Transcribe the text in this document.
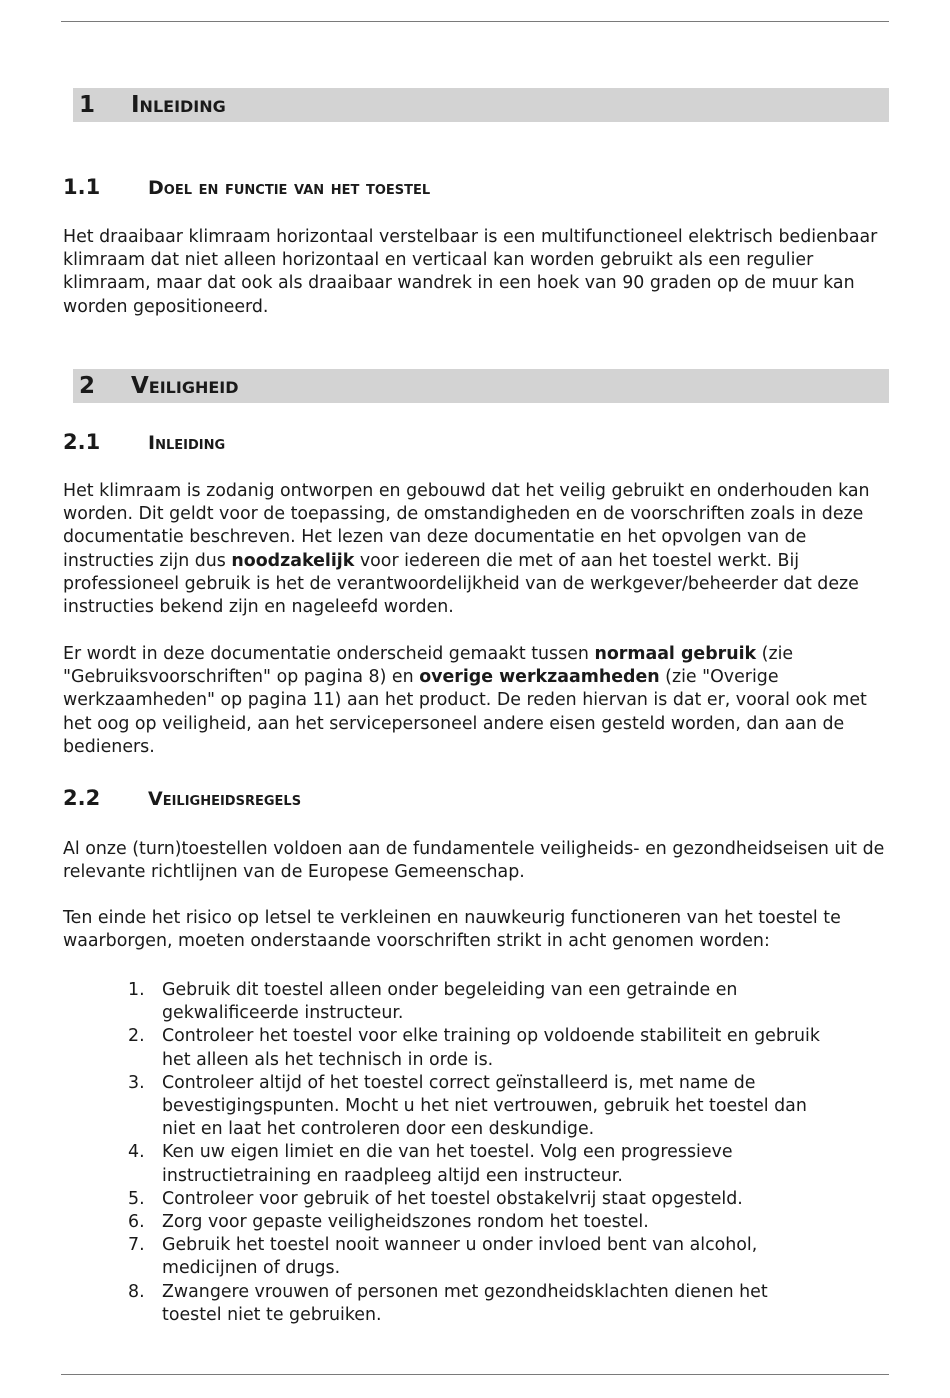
1 Inleiding
1.1	Doel en functie van het toestel

Het draaibaar klimraam horizontaal verstelbaar is een multifunctioneel elektrisch bedienbaar klimraam dat niet alleen horizontaal en verticaal kan worden gebruikt als een regulier klimraam, maar dat ook als draaibaar wandrek in een hoek van 90 graden op de muur kan worden gepositioneerd.

2 Veiligheid
2.1	Inleiding

Het klimraam is zodanig ontworpen en gebouwd dat het veilig gebruikt en onderhouden kan worden. Dit geldt voor de toepassing, de omstandigheden en de voorschriften zoals in deze documentatie beschreven. Het lezen van deze documentatie en het opvolgen van de instructies zijn dus noodzakelijk voor iedereen die met of aan het toestel werkt. Bij professioneel gebruik is het de verantwoordelijkheid van de werkgever/beheerder dat deze instructies bekend zijn en nageleefd worden.

Er wordt in deze documentatie onderscheid gemaakt tussen normaal gebruik (zie "Gebruiksvoorschriften" op pagina 8) en overige werkzaamheden (zie "Overige werkzaamheden" op pagina 11) aan het product. De reden hiervan is dat er, vooral ook met het oog op veiligheid, aan het servicepersoneel andere eisen gesteld worden, dan aan de bedieners.

2.2	Veiligheidsregels

Al onze (turn)toestellen voldoen aan de fundamentele veiligheids- en gezondheidseisen uit de relevante richtlijnen van de Europese Gemeenschap.

Ten einde het risico op letsel te verkleinen en nauwkeurig functioneren van het toestel te waarborgen, moeten onderstaande voorschriften strikt in acht genomen worden:

1. Gebruik dit toestel alleen onder begeleiding van een getrainde en gekwalificeerde instructeur.
2. Controleer het toestel voor elke training op voldoende stabiliteit en gebruik het alleen als het technisch in orde is.
3. Controleer altijd of het toestel correct geïnstalleerd is, met name de bevestigingspunten. Mocht u het niet vertrouwen, gebruik het toestel dan niet en laat het controleren door een deskundige.
4. Ken uw eigen limiet en die van het toestel. Volg een progressieve instructietraining en raadpleeg altijd een instructeur.
5. Controleer voor gebruik of het toestel obstakelvrij staat opgesteld.
6. Zorg voor gepaste veiligheidszones rondom het toestel.
7. Gebruik het toestel nooit wanneer u onder invloed bent van alcohol, medicijnen of drugs.
8. Zwangere vrouwen of personen met gezondheidsklachten dienen het toestel niet te gebruiken.
